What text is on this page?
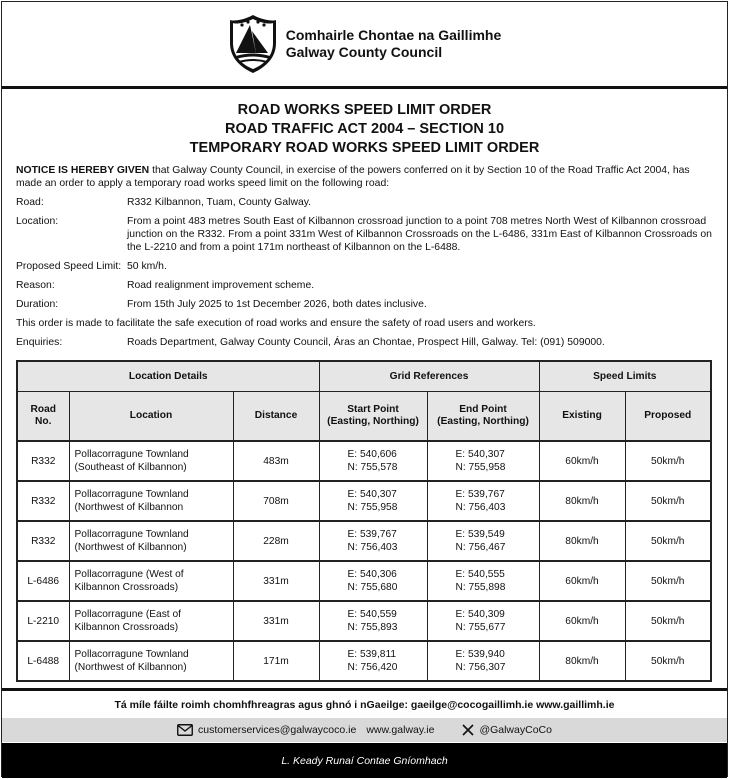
Comhairle Chontae na Gaillimhe
Galway County Council
ROAD WORKS SPEED LIMIT ORDER
ROAD TRAFFIC ACT 2004 – SECTION 10
TEMPORARY ROAD WORKS SPEED LIMIT ORDER
NOTICE IS HEREBY GIVEN that Galway County Council, in exercise of the powers conferred on it by Section 10 of the Road Traffic Act 2004, has made an order to apply a temporary road works speed limit on the following road:
Road:	R332 Kilbannon, Tuam, County Galway.
Location:	From a point 483 metres South East of Kilbannon crossroad junction to a point 708 metres North West of Kilbannon crossroad junction on the R332. From a point 331m West of Kilbannon Crossroads on the L-6486, 331m East of Kilbannon Crossroads on the L-2210 and from a point 171m northeast of Kilbannon on the L-6488.
Proposed Speed Limit: 50 km/h.
Reason:	Road realignment improvement scheme.
Duration:	From 15th July 2025 to 1st December 2026, both dates inclusive.
This order is made to facilitate the safe execution of road works and ensure the safety of road users and workers.
Enquiries:	Roads Department, Galway County Council, Áras an Chontae, Prospect Hill, Galway. Tel: (091) 509000.
Location Details			Grid References		Speed Limits	
Road
No.	Location	Distance	Start Point
(Easting, Northing)	End Point
(Easting, Northing)	Existing	Proposed
R332	Pollacorragune Townland
(Southeast of Kilbannon)	483m	E: 540,606
N: 755,578	E: 540,307
N: 755,958	60km/h	50km/h
R332	Pollacorragune Townland
(Northwest of Kilbannon	708m	E: 540,307
N: 755,958	E: 539,767
N: 756,403	80km/h	50km/h
R332	Pollacorragune Townland
(Northwest of Kilbannon)	228m	E: 539,767
N: 756,403	E: 539,549
N: 756,467	80km/h	50km/h
L-6486	Pollacorragune (West of
Kilbannon Crossroads)	331m	E: 540,306
N: 755,680	E: 540,555
N: 755,898	60km/h	50km/h
L-2210	Pollacorragune (East of
Kilbannon Crossroads)	331m	E: 540,559
N: 755,893	E: 540,309
N: 755,677	60km/h	50km/h
L-6488	Pollacorragune Townland
(Northwest of Kilbannon)	171m	E: 539,811
N: 756,420	E: 539,940
N: 756,307	80km/h	50km/h
Tá míle fáilte roimh chomhfhreagras agus ghnó i nGaeilge: gaeilge@cocogaillimh.ie www.gaillimh.ie
customerservices@galwaycoco.ie www.galway.ie	@GalwayCoCo
L. Keady Runaí Contae Gníomhach
